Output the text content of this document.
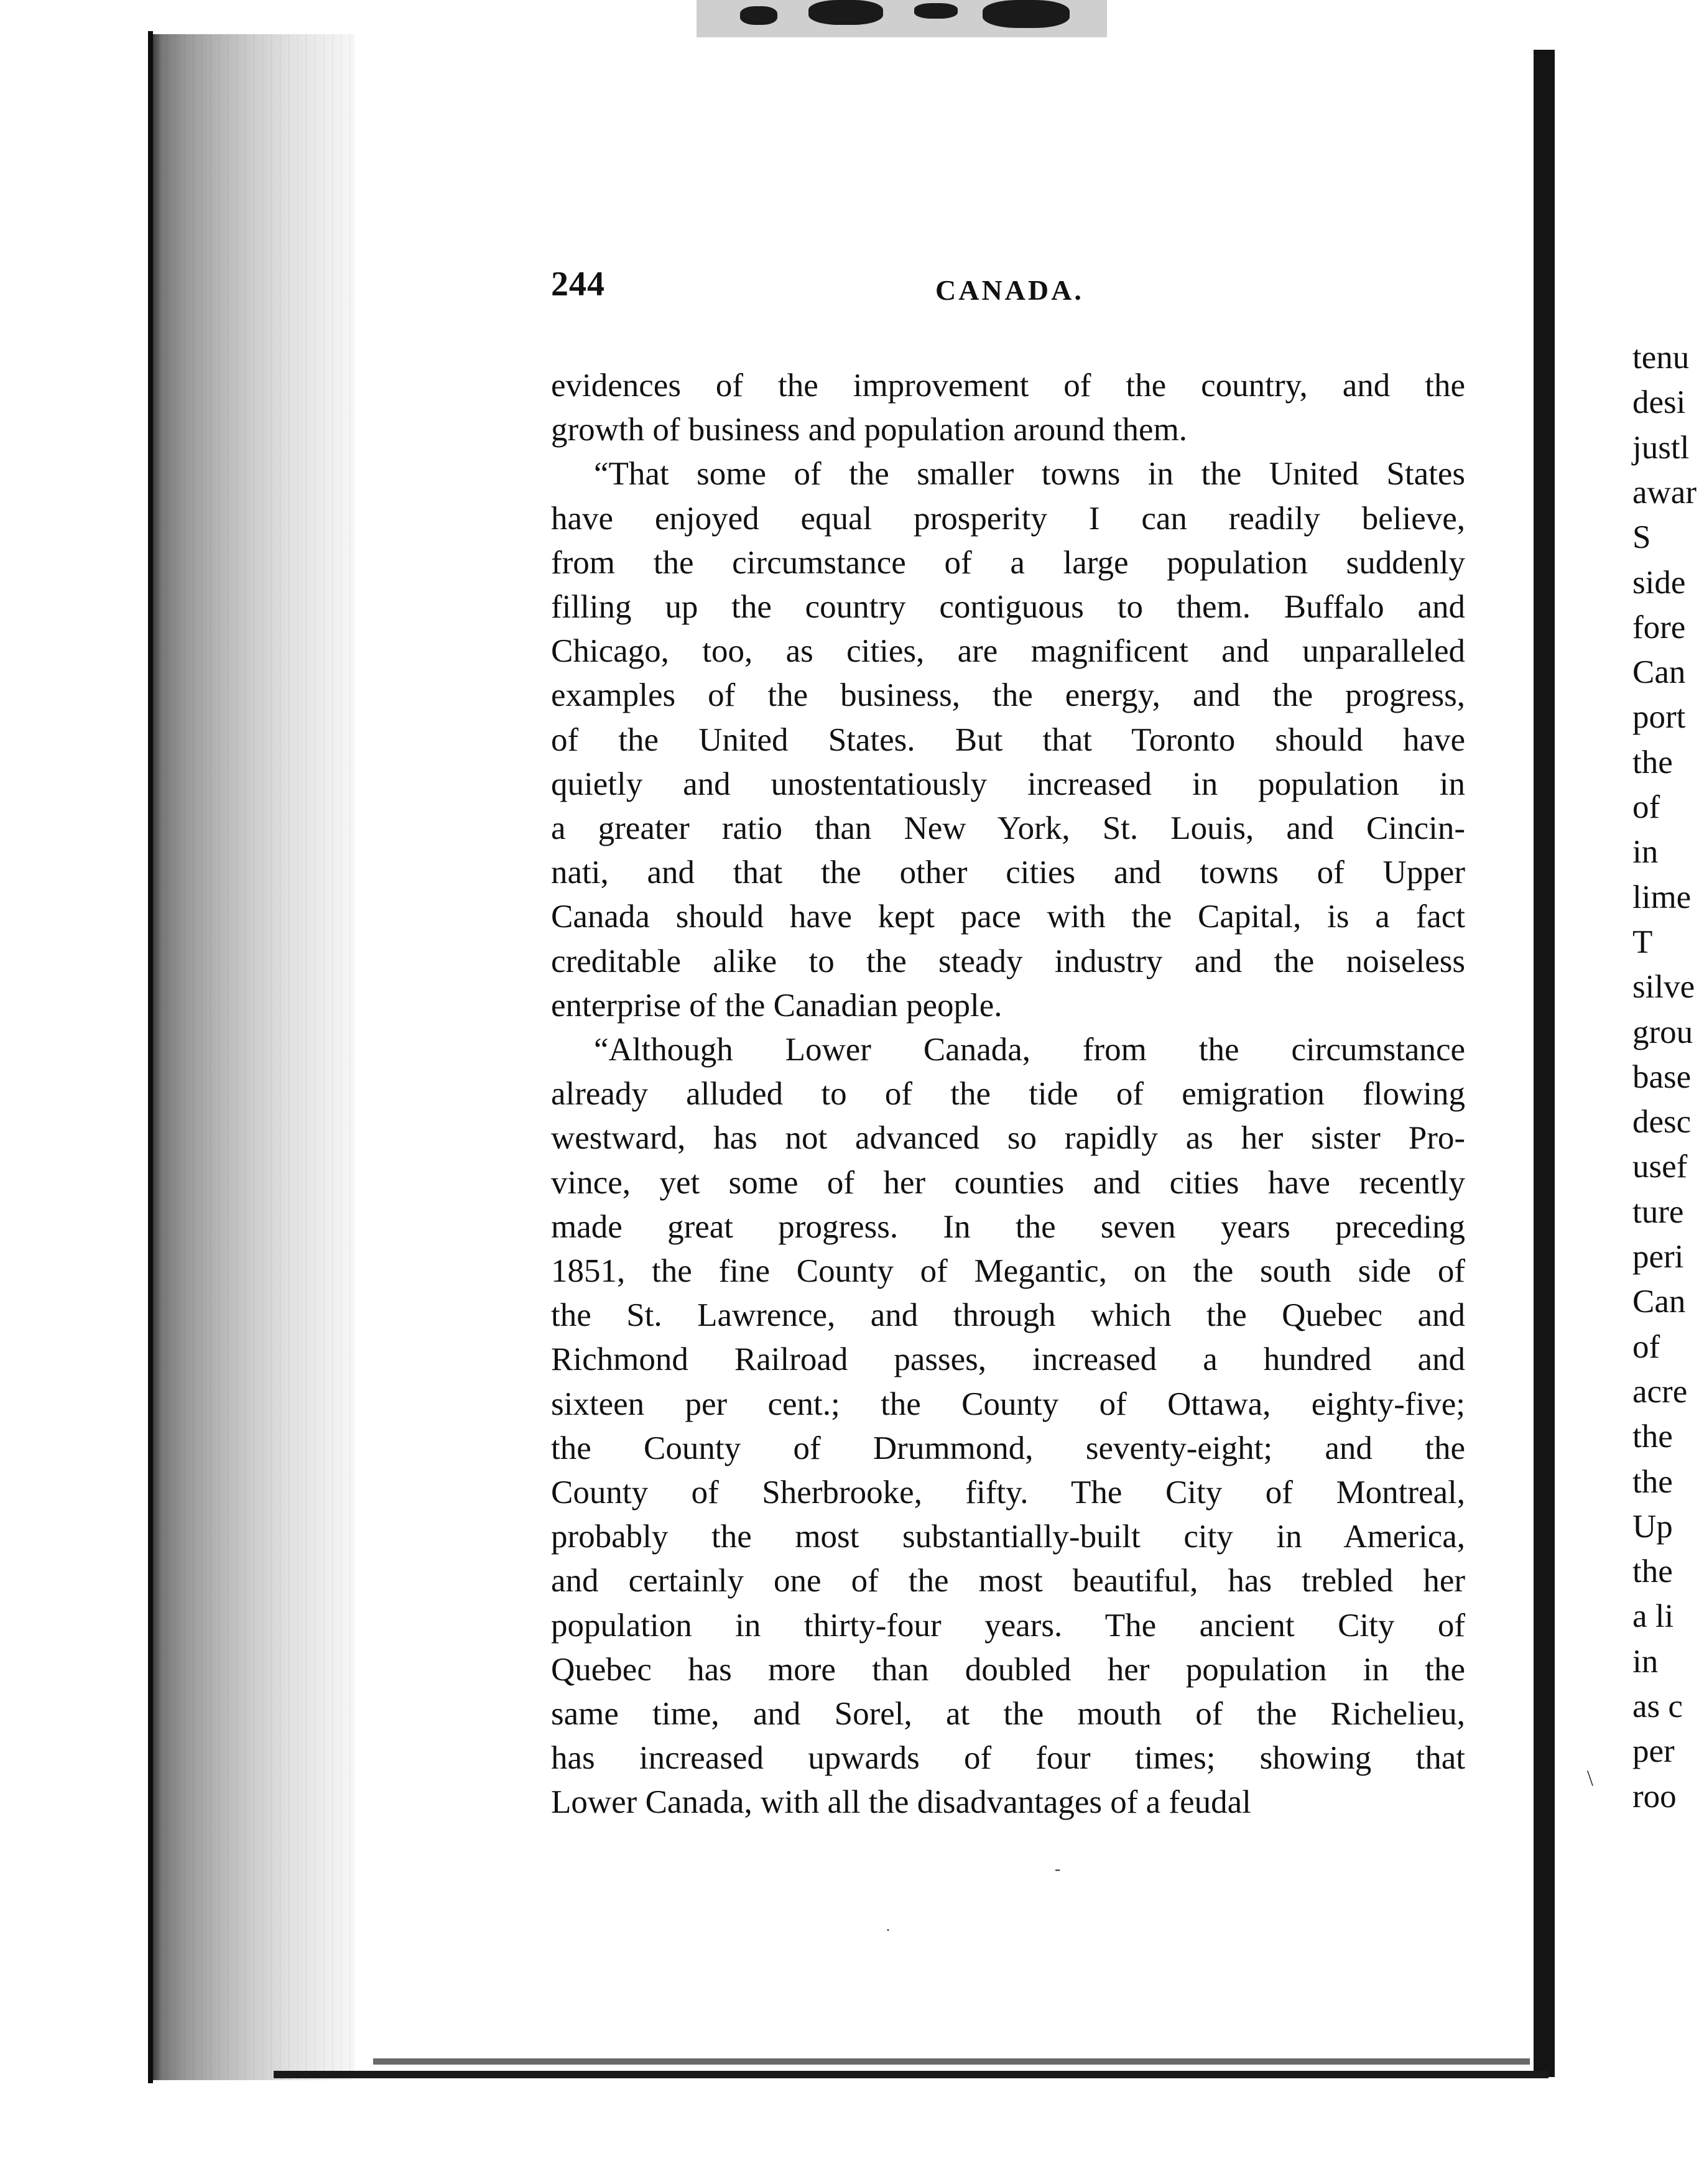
244	CANADA.
evidences of the improvement of the country, and the
growth of business and population around them.
“That some of the smaller towns in the United States
have enjoyed equal prosperity I can readily believe,
from the circumstance of a large population suddenly
filling up the country contiguous to them. Buffalo and
Chicago, too, as cities, are magnificent and unparalleled
examples of the business, the energy, and the progress,
of the United States. But that Toronto should have
quietly and unostentatiously increased in population in
a greater ratio than New York, St. Louis, and Cincin-
nati, and that the other cities and towns of Upper
Canada should have kept pace with the Capital, is a fact
creditable alike to the steady industry and the noiseless
enterprise of the Canadian people.
“Although Lower Canada, from the circumstance
already alluded to of the tide of emigration flowing
westward, has not advanced so rapidly as her sister Pro-
vince, yet some of her counties and cities have recently
made great progress. In the seven years preceding
1851, the fine County of Megantic, on the south side of
the St. Lawrence, and through which the Quebec and
Richmond Railroad passes, increased a hundred and
sixteen per cent.; the County of Ottawa, eighty-five;
the County of Drummond, seventy-eight; and the
County of Sherbrooke, fifty. The City of Montreal,
probably the most substantially-built city in America,
and certainly one of the most beautiful, has trebled her
population in thirty-four years. The ancient City of
Quebec has more than doubled her population in the
same time, and Sorel, at the mouth of the Richelieu,
has increased upwards of four times; showing that
Lower Canada, with all the disadvantages of a feudal
tenu
desi
justl
awar
S
side
fore
Can
port
the
of
in
lime
T
silve
grou
base
desc
usef
ture
peri
Can
of
acre
the
the
Up
the
a li
in
as c
per
roo
\
-
.
